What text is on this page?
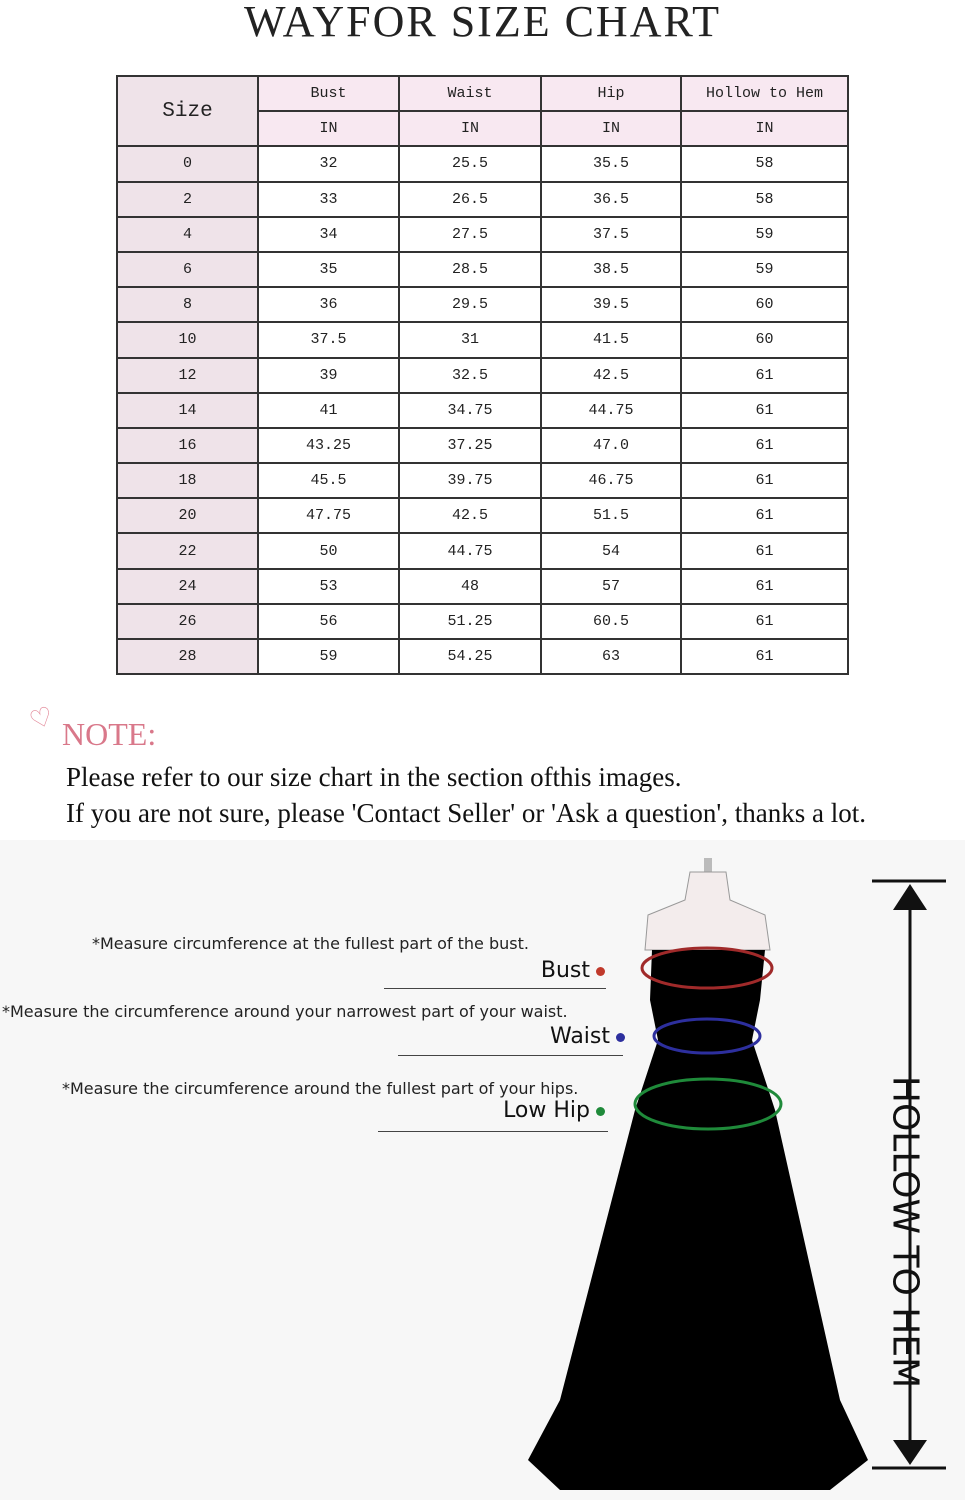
WAYFOR SIZE CHART
Size	Bust	Waist	Hip	Hollow to Hem
	IN	IN	IN	IN
0	32	25.5	35.5	58
2	33	26.5	36.5	58
4	34	27.5	37.5	59
6	35	28.5	38.5	59
8	36	29.5	39.5	60
10	37.5	31	41.5	60
12	39	32.5	42.5	61
14	41	34.75	44.75	61
16	43.25	37.25	47.0	61
18	45.5	39.75	46.75	61
20	47.75	42.5	51.5	61
22	50	44.75	54	61
24	53	48	57	61
26	56	51.25	60.5	61
28	59	54.25	63	61
♡ NOTE:
Please refer to our size chart in the section ofthis images.
If you are not sure, please 'Contact Seller' or 'Ask a question', thanks a lot.
*Measure circumference at the fullest part of the bust.
Bust
*Measure the circumference around your narrowest part of your waist.
Waist
*Measure the circumference around the fullest part of your hips.
Low Hip	HOLLOW TO HEM
